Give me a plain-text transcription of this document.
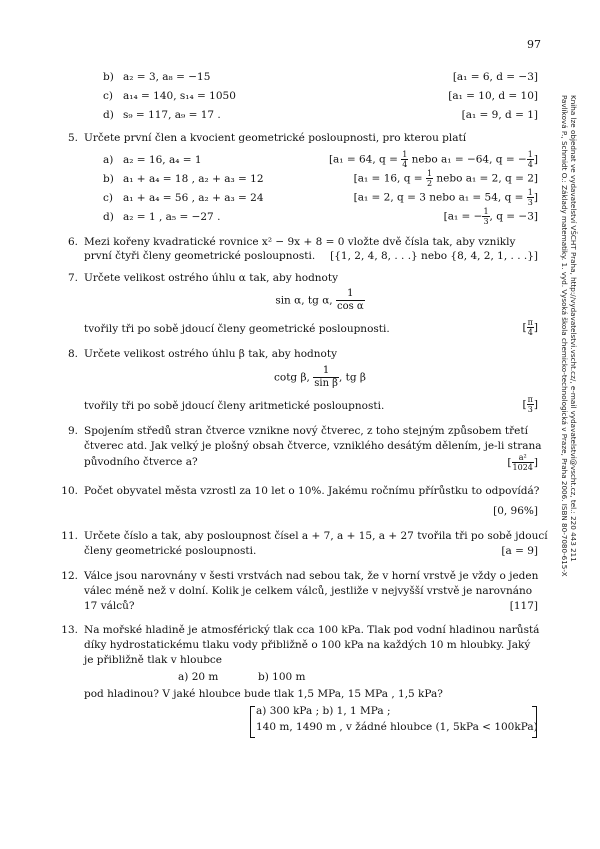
97
Pavlíková P., Schmidt O.: Základy matematiky. 1. vyd. Vysoká škola chemicko-technologická v Praze, Praha 2006. ISBN 80-7080-615-X Kniha lze objednat ve vydavatelství VŠCHT Praha, http://vydavatelstvi.vscht.cz/, e-mail vydavatelstvi@vscht.cz, tel.: 220 443 211
b) a₂ = 3, a₈ = −15	[a₁ = 6, d = −3]
c) a₁₄ = 140, s₁₄ = 1050	[a₁ = 10, d = 10]
d) s₉ = 117, a₉ = 17 .	[a₁ = 9, d = 1]
5. Určete první člen a kvocient geometrické posloupnosti, pro kterou platí
a) a₂ = 16, a₄ = 1	[a₁ = 64, $q = \frac{1}{4}$ nebo a₁ = −64, q = − $\frac{1}{4}$ ]
b) a₁ + a₄ = 18 , a₂ + a₃ = 12	[a₁ = 16, $q = \frac{1}{2}$ nebo a₁ = 2, q = 2]
c) a₁ + a₄ = 56 , a₂ + a₃ = 24	[a₁ = 2, q = 3 nebo a₁ = 54, $q = \frac{1}{3}$ ]
d) a₂ = 1 , a₅ = −27 .	[a₁ = − $\frac{1}{3}$ , q = −3]
6. Mezi kořeny kvadratické rovnice x² − 9x + 8 = 0 vložte dvě čísla tak, aby vznikly
první čtyři členy geometrické posloupnosti. [{1, 2, 4, 8, . . .} nebo {8, 4, 2, 1, . . .}]
7. Určete velikost ostrého úhlu α tak, aby hodnoty
sin α, tg α, $\frac{1}{\text{cos α}}$
tvořily tři po sobě jdoucí členy geometrické posloupnosti.	[ $\frac{\pi}{4}$ ]
8. Určete velikost ostrého úhlu β tak, aby hodnoty
cotg β, $\frac{1}{\text{sin β}}$ , tg β
tvořily tři po sobě jdoucí členy aritmetické posloupnosti.	[ $\frac{\pi}{3}$ ]
9. Spojením středů stran čtverce vznikne nový čtverec, z toho stejným způsobem třetí
čtverec atd. Jak velký je plošný obsah čtverce, vzniklého desátým dělením, je-li strana
původního čtverce a?	[ $\frac{\text{a²}}{1024}$ ]
10. Počet obyvatel města vzrostl za 10 let o 10%. Jakému ročnímu přírůstku to odpovídá?
[0, 96%]
11. Určete číslo a tak, aby posloupnost čísel a + 7, a + 15, a + 27 tvořila tři po sobě jdoucí
členy geometrické posloupnosti.	[a = 9]
12. Válce jsou narovnány v šesti vrstvách nad sebou tak, že v horní vrstvě je vždy o jeden
válec méně než v dolní. Kolik je celkem válců, jestliže v nejvyšší vrstvě je narovnáno
17 válců?	[117]
13. Na mořské hladině je atmosférický tlak cca 100 kPa. Tlak pod vodní hladinou narůstá
díky hydrostatickému tlaku vody přibližně o 100 kPa na každých 10 m hloubky. Jaký
je přibližně tlak v hloubce
a) 20 m	b) 100 m
pod hladinou? V jaké hloubce bude tlak 1,5 MPa, 15 MPa , 1,5 kPa?
a) 300 kPa ; b) 1, 1 MPa ;
140 m, 1490 m , v žádné hloubce (1, 5kPa < 100kPa)
